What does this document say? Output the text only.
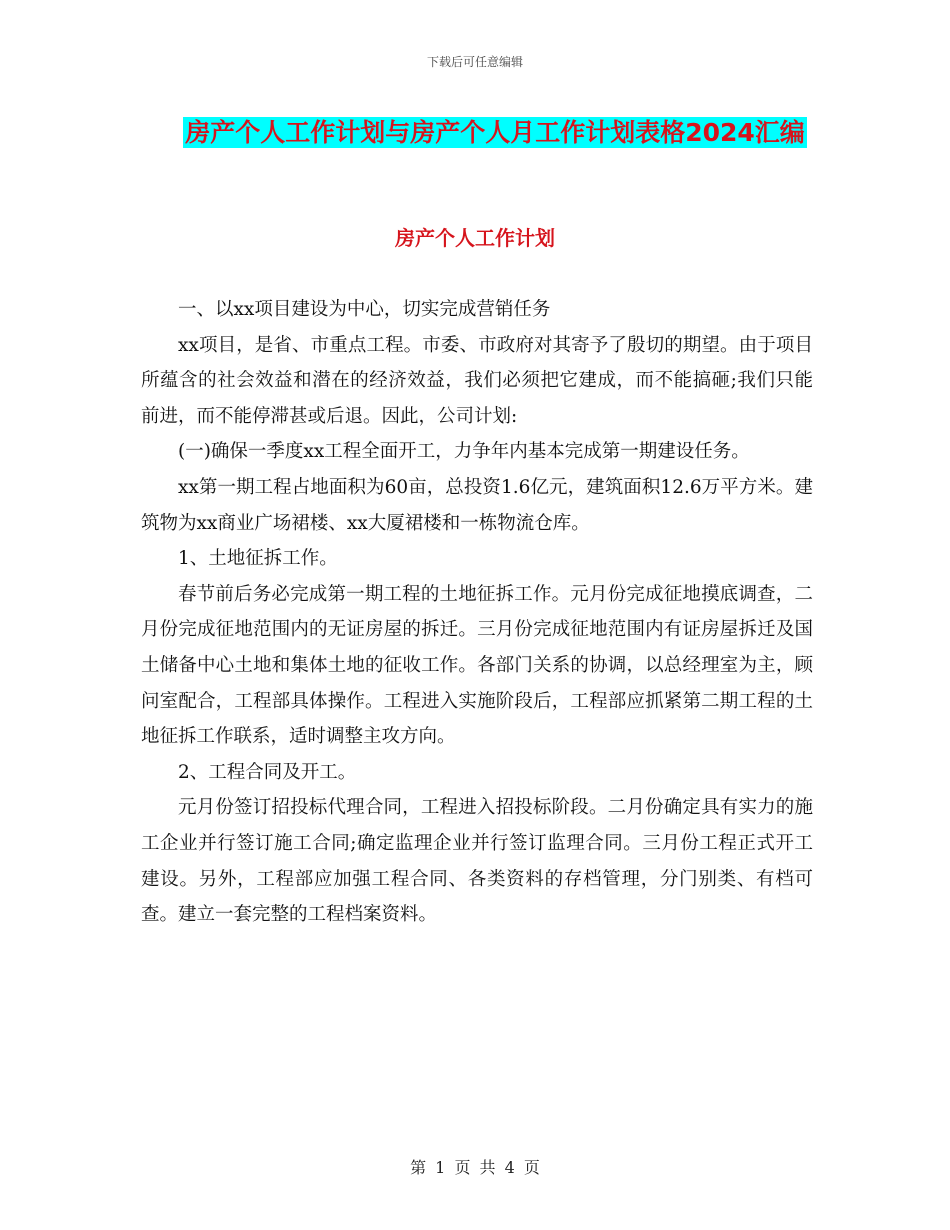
下载后可任意编辑
房产个人工作计划与房产个人月工作计划表格2024汇编
房产个人工作计划

一、以xx项目建设为中心，切实完成营销任务

xx项目，是省、市重点工程。市委、市政府对其寄予了殷切的期望。由于项目所蕴含的社会效益和潜在的经济效益，我们必须把它建成，而不能搞砸;我们只能前进，而不能停滞甚或后退。因此，公司计划:

(一)确保一季度xx工程全面开工，力争年内基本完成第一期建设任务。

xx第一期工程占地面积为60亩，总投资1.6亿元，建筑面积12.6万平方米。建筑物为xx商业广场裙楼、xx大厦裙楼和一栋物流仓库。

1、土地征拆工作。

春节前后务必完成第一期工程的土地征拆工作。元月份完成征地摸底调查，二月份完成征地范围内的无证房屋的拆迁。三月份完成征地范围内有证房屋拆迁及国土储备中心土地和集体土地的征收工作。各部门关系的协调，以总经理室为主，顾问室配合，工程部具体操作。工程进入实施阶段后，工程部应抓紧第二期工程的土地征拆工作联系，适时调整主攻方向。

2、工程合同及开工。

元月份签订招投标代理合同，工程进入招投标阶段。二月份确定具有实力的施工企业并行签订施工合同;确定监理企业并行签订监理合同。三月份工程正式开工建设。另外，工程部应加强工程合同、各类资料的存档管理，分门别类、有档可查。建立一套完整的工程档案资料。

第 1 页 共 4 页
